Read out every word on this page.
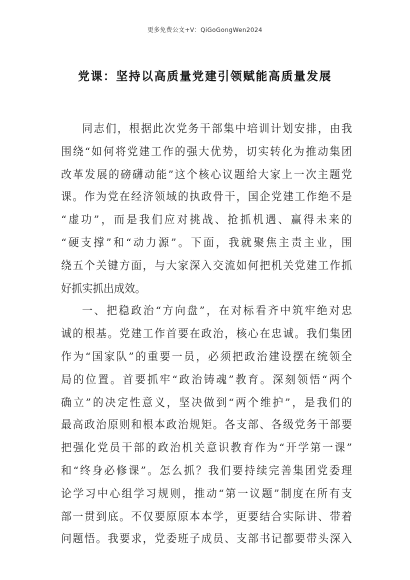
更多免费公文+V：QiGoGongWen2024
党课：坚持以高质量党建引领赋能高质量发展
同志们，根据此次党务干部集中培训计划安排，由我
围绕“如何将党建工作的强大优势，切实转化为推动集团
改革发展的磅礴动能”这个核心议题给大家上一次主题党
课。作为党在经济领域的执政骨干，国企党建工作绝不是
“虚功”，而是我们应对挑战、抢抓机遇、赢得未来的
“硬支撑”和“动力源”。下面，我就聚焦主责主业，围
绕五个关键方面，与大家深入交流如何把机关党建工作抓
好抓实抓出成效。
一、把稳政治“方向盘”，在对标看齐中筑牢绝对忠
诚的根基。党建工作首要在政治，核心在忠诚。我们集团
作为“国家队”的重要一员，必须把政治建设摆在统领全
局的位置。首要抓牢“政治铸魂”教育。深刻领悟“两个
确立”的决定性意义，坚决做到“两个维护”，是我们的
最高政治原则和根本政治规矩。各支部、各级党务干部要
把强化党员干部的政治机关意识教育作为“开学第一课”
和“终身必修课”。怎么抓？我们要持续完善集团党委理
论学习中心组学习规则，推动“第一议题”制度在所有支
部一贯到底。不仅要原原本本学，更要结合实际讲、带着
问题悟。我要求，党委班子成员、支部书记都要带头深入
